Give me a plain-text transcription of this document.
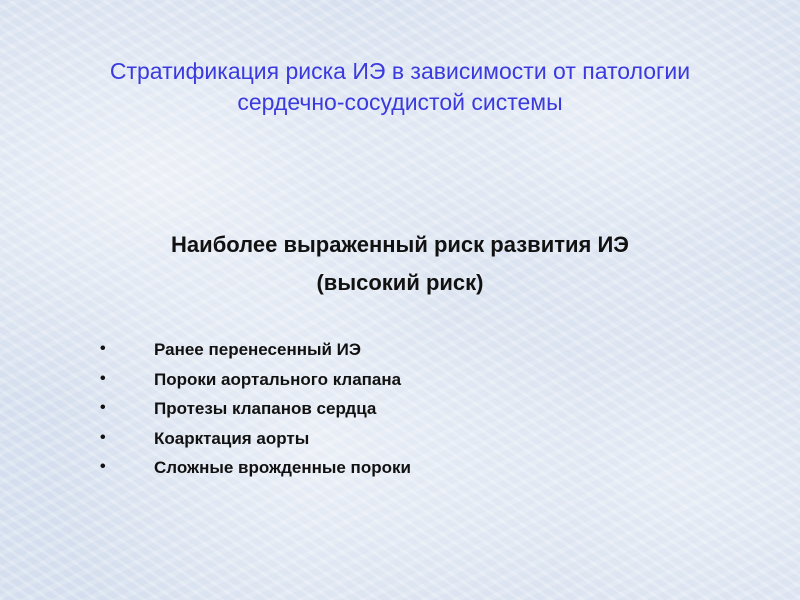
Стратификация риска ИЭ в зависимости от патологии
сердечно-сосудистой системы
Наиболее выраженный риск развития ИЭ
(высокий риск)
•	Ранее перенесенный ИЭ
•	Пороки аортального клапана
•	Протезы клапанов сердца
•	Коарктация аорты
•	Сложные врожденные пороки
